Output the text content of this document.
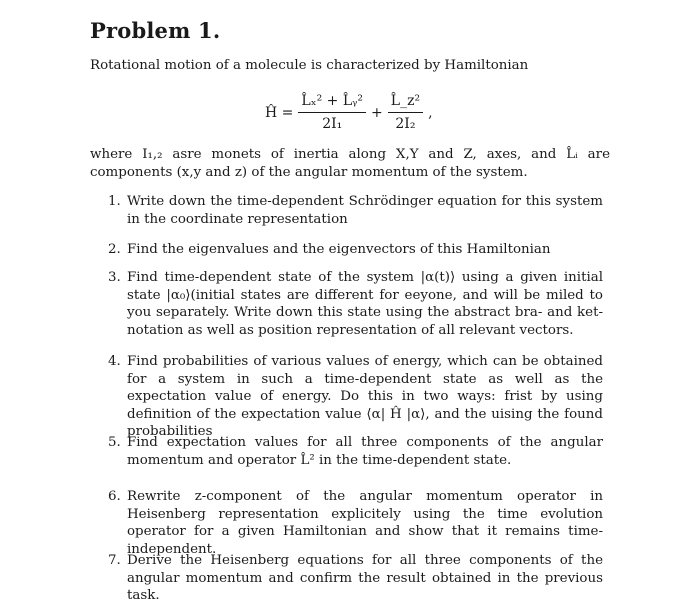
Problem 1.
Rotational motion of a molecule is characterized by Hamiltonian
Ĥ = $\frac{\text{L̂ₓ² + L̂ᵧ²}}{\text{2I₁}} + \frac{\text{L̂\_z²}}{\text{2I₂}}$ ,
where I₁,₂ asre monets of inertia along X,Y and Z, axes, and L̂ᵢ are components (x,y and z) of the angular momentum of the system.
1. Write down the time-dependent Schrödinger equation for this system in the coordinate representation
2. Find the eigenvalues and the eigenvectors of this Hamiltonian
3. Find time-dependent state of the system |α(t)⟩ using a given initial state |α₀⟩(initial states are different for eeyone, and will be miled to you separately. Write down this state using the abstract bra- and ket- notation as well as position representation of all relevant vectors.
4. Find probabilities of various values of energy, which can be obtained for a system in such a time-dependent state as well as the expectation value of energy. Do this in two ways: frist by using definition of the expectation value ⟨α| Ĥ |α⟩, and the uising the found probabilities
5. Find expectation values for all three components of the angular momentum and operator L̂² in the time-dependent state.
6. Rewrite z-component of the angular momentum operator in Heisenberg representation explicitely using the time evolution operator for a given Hamiltonian and show that it remains time-independent.
7. Derive the Heisenberg equations for all three components of the angular momentum and confirm the result obtained in the previous task.
